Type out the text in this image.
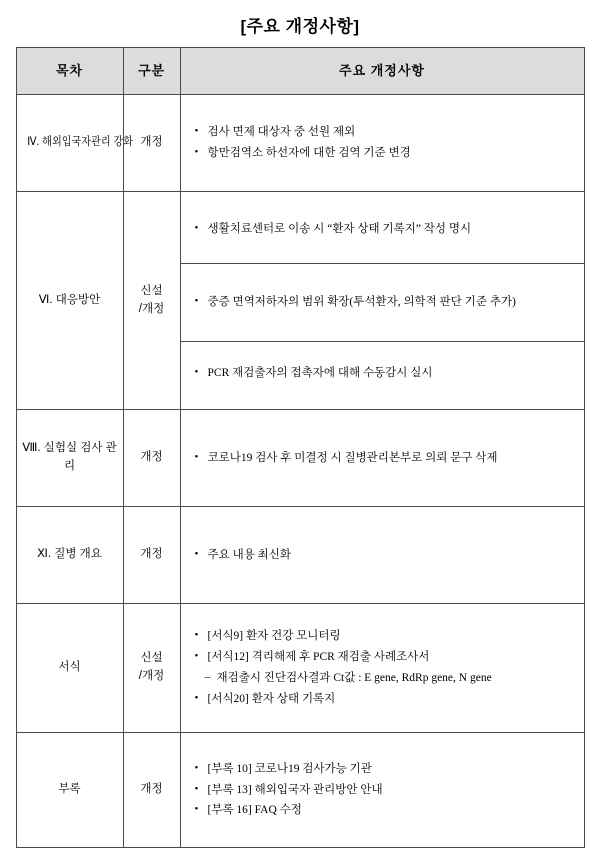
[주요 개정사항]
목차	구분	주요 개정사항
Ⅳ. 해외입국자관리 강화	개정	
• 검사 면제 대상자 중 선원 제외
• 항만검역소 하선자에 대한 검역 기준 변경

Ⅵ. 대응방안	신설
/개정	
• 생활치료센터로 이송 시 “환자 상태 기록지” 작성 명시
• 중증 면역저하자의 범위 확장(투석환자, 의학적 판단 기준 추가)
• PCR 재검출자의 접촉자에 대해 수동감시 실시

Ⅷ. 실험실 검사 관리	개정	
•코로나19 검사 후 미결정 시 질병관리본부로 의뢰 문구 삭제

Ⅺ. 질병 개요	개정	
•주요 내용 최신화

서식	신설
/개정	
• [서식9] 환자 건강 모니터링
• [서식12] 격리해제 후 PCR 재검출 사례조사서
– 재검출시 진단검사결과 Ct값 : E gene, RdRp gene, N gene
• [서식20] 환자 상태 기록지

부록	개정	
• [부록 10] 코로나19 검사가능 기관
• [부록 13] 해외입국자 관리방안 안내
• [부록 16] FAQ 수정
